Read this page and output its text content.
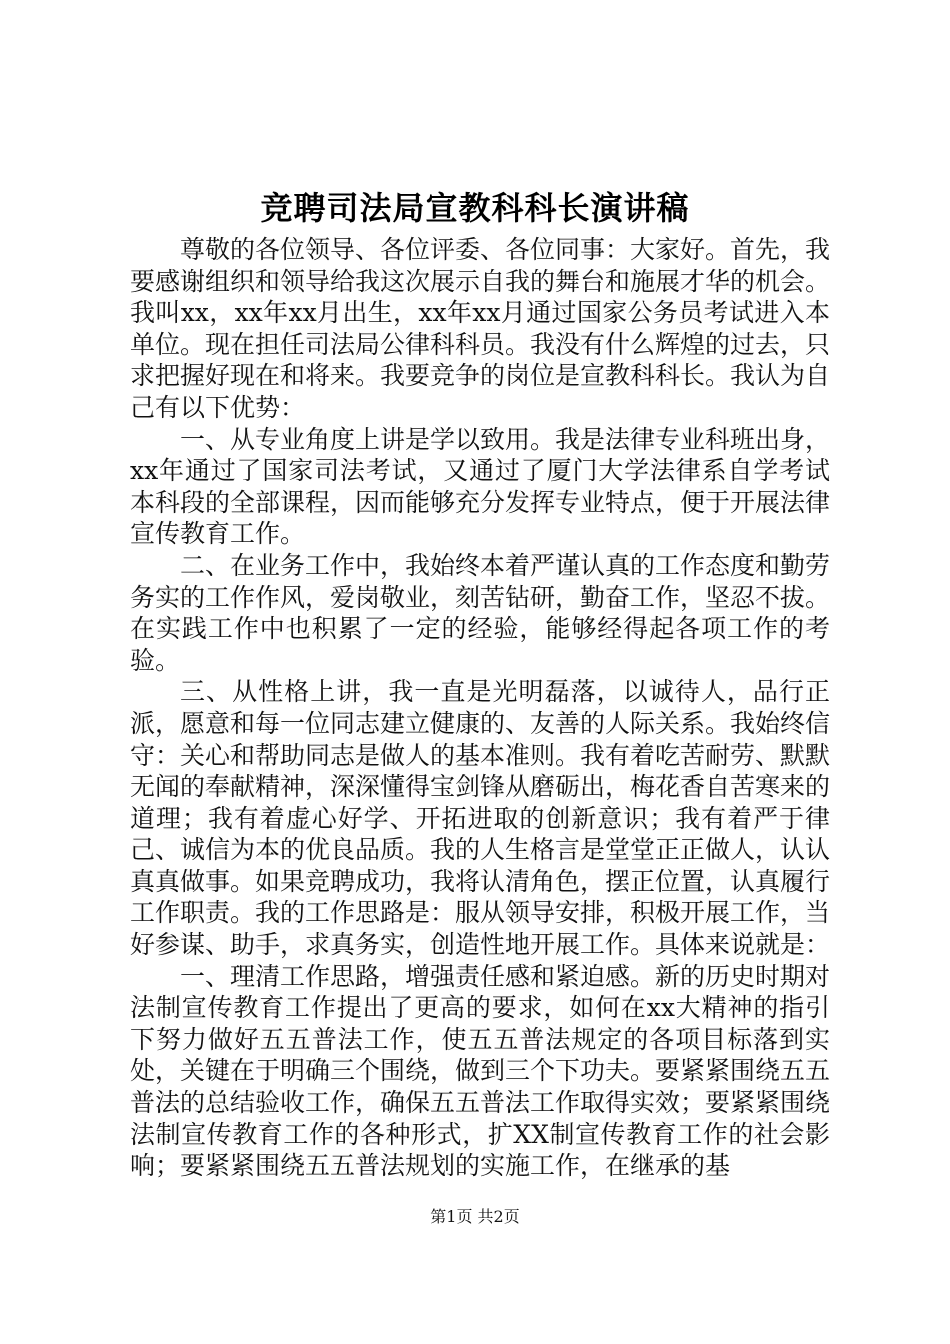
竞聘司法局宣教科科长演讲稿

尊敬的各位领导、各位评委、各位同事：大家好。首先，我要感谢组织和领导给我这次展示自我的舞台和施展才华的机会。我叫xx，xx年xx月出生，xx年xx月通过国家公务员考试进入本单位。现在担任司法局公律科科员。我没有什么辉煌的过去，只求把握好现在和将来。我要竞争的岗位是宣教科科长。我认为自己有以下优势：

一、从专业角度上讲是学以致用。我是法律专业科班出身，xx年通过了国家司法考试，又通过了厦门大学法律系自学考试本科段的全部课程，因而能够充分发挥专业特点，便于开展法律宣传教育工作。

二、在业务工作中，我始终本着严谨认真的工作态度和勤劳务实的工作作风，爱岗敬业，刻苦钻研，勤奋工作，坚忍不拔。在实践工作中也积累了一定的经验，能够经得起各项工作的考验。

三、从性格上讲，我一直是光明磊落，以诚待人，品行正派，愿意和每一位同志建立健康的、友善的人际关系。我始终信守：关心和帮助同志是做人的基本准则。我有着吃苦耐劳、默默无闻的奉献精神，深深懂得宝剑锋从磨砺出，梅花香自苦寒来的道理；我有着虚心好学、开拓进取的创新意识；我有着严于律己、诚信为本的优良品质。我的人生格言是堂堂正正做人，认认真真做事。如果竞聘成功，我将认清角色，摆正位置，认真履行工作职责。我的工作思路是：服从领导安排，积极开展工作，当好参谋、助手，求真务实，创造性地开展工作。具体来说就是：

一、理清工作思路，增强责任感和紧迫感。新的历史时期对法制宣传教育工作提出了更高的要求，如何在xx大精神的指引下努力做好五五普法工作，使五五普法规定的各项目标落到实处，关键在于明确三个围绕，做到三个下功夫。要紧紧围绕五五普法的总结验收工作，确保五五普法工作取得实效；要紧紧围绕法制宣传教育工作的各种形式，扩XX制宣传教育工作的社会影响；要紧紧围绕五五普法规划的实施工作，在继承的基

第1页 共2页
